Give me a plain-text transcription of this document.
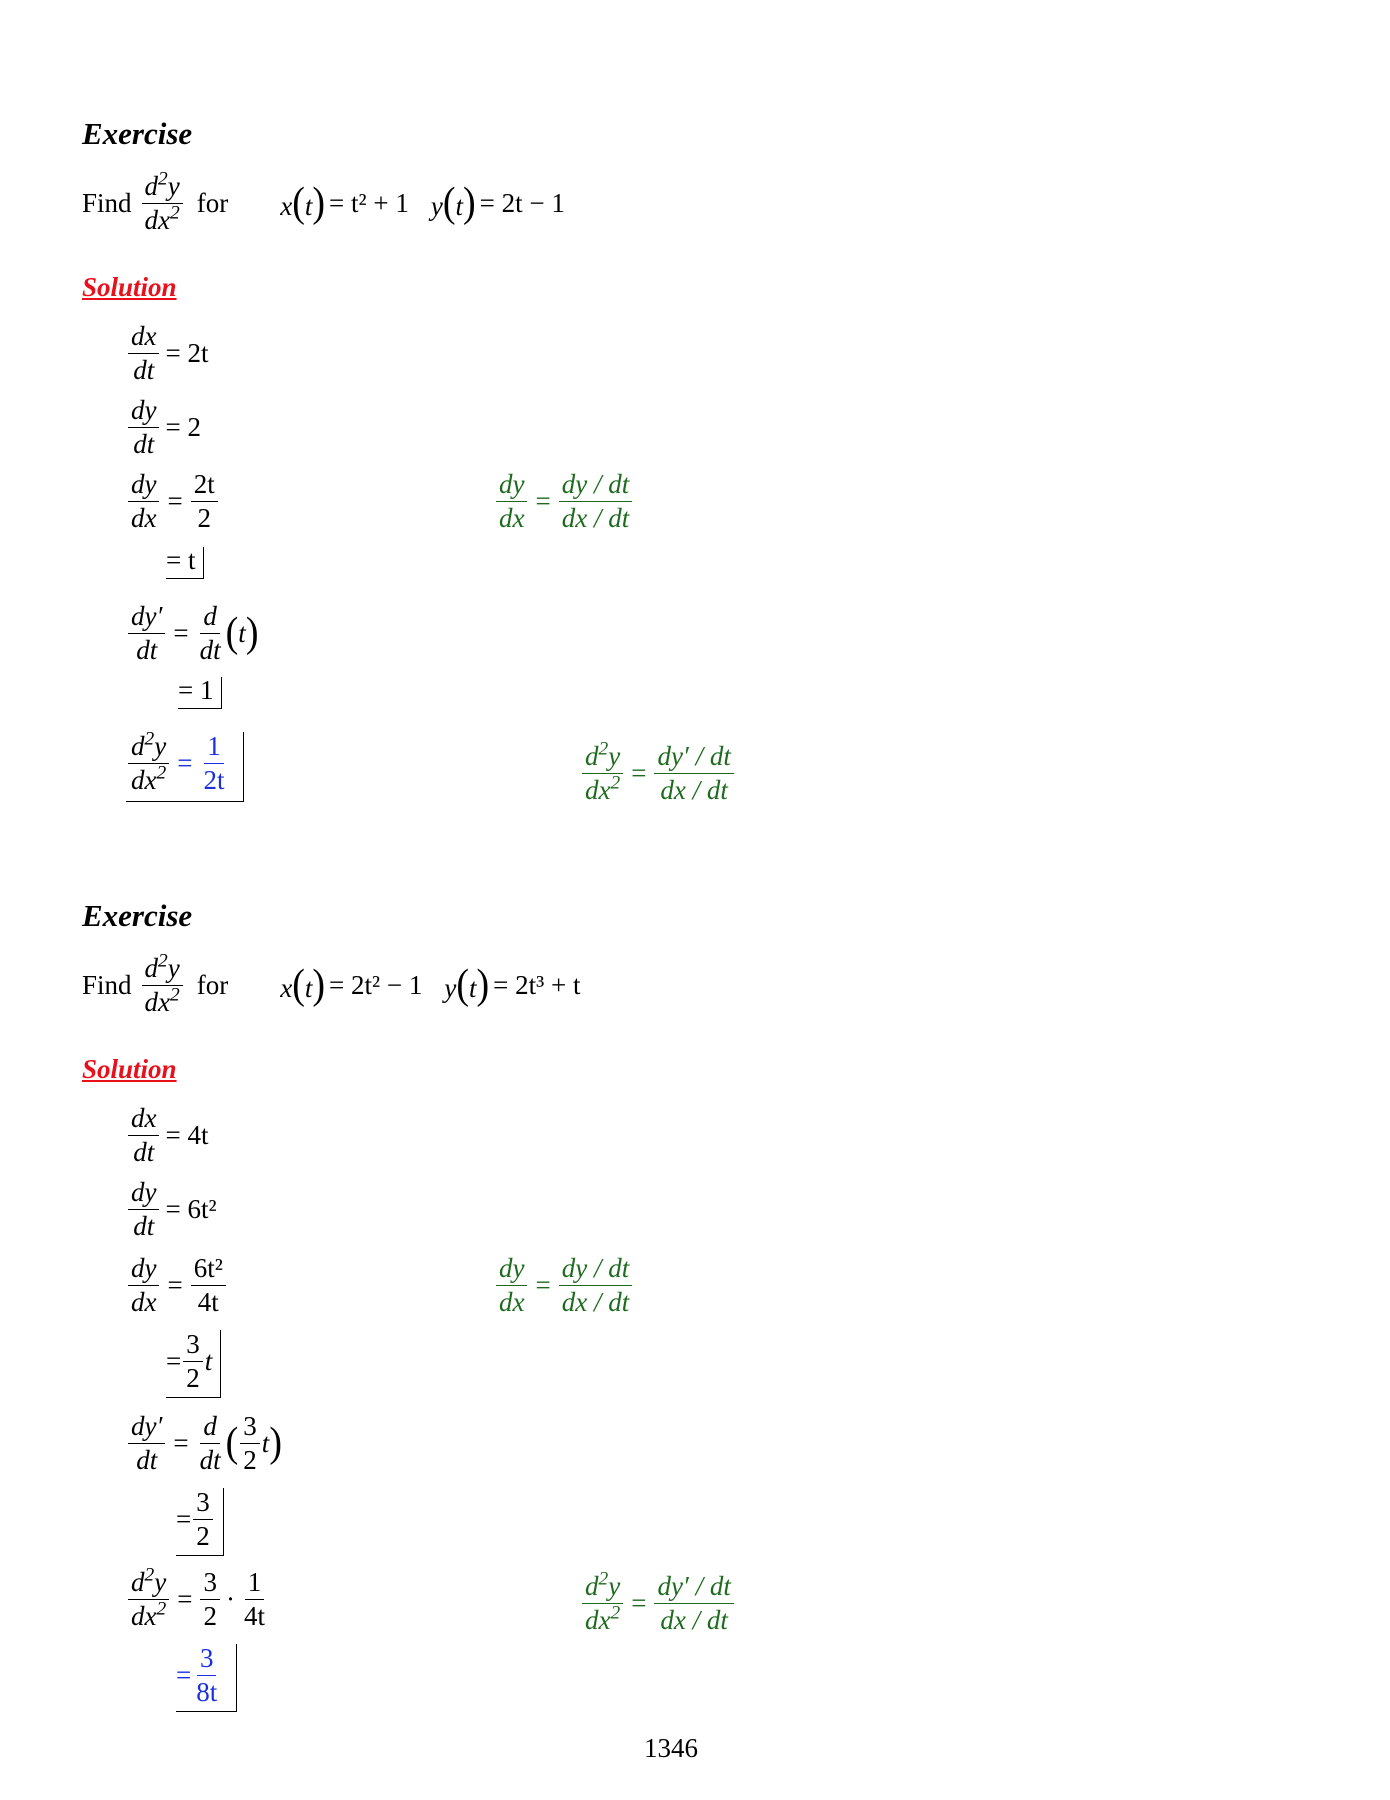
Exercise
Find $\frac{d^2y}{dx^2}$ for x(t) = t² + 1 y(t) = 2t − 1
Solution
$\frac{dx}{dt} = 2t$
$\frac{dy}{dt} = 2$
$\frac{dy}{dx} = \frac{2t}{2}$	$\frac{dy}{dx} = \frac{dy / dt}{dx / dt}$
= t
$\frac{dy'}{dt} = \frac{d}{dt}$ ( t )
= 1
$\frac{d^2y}{dx^2} = \frac{1}{2t}$	$\frac{d^2y}{dx^2} = \frac{dy' / dt}{dx / dt}$
Exercise
Find $\frac{d^2y}{dx^2}$ for x(t) = 2t² − 1 y(t) = 2t³ + t
Solution
$\frac{dx}{dt} = 4t$
$\frac{dy}{dt} = 6t^2$
$\frac{dy}{dx} = \frac{\text{6t²}}{4t}$	$\frac{dy}{dx} = \frac{dy / dt}{dx / dt}$
= $\frac{3}{2}$ t
$\frac{dy'}{dt} = \frac{d}{dt}$ ( $\frac{3}{2}$ t )
= $\frac{3}{2}$
$\frac{d^2y}{dx^2} = \frac{3}{2} \cdot \frac{1}{4t}$	$\frac{d^2y}{dx^2} = \frac{dy' / dt}{dx / dt}$
= $\frac{3}{8t}$
1346
